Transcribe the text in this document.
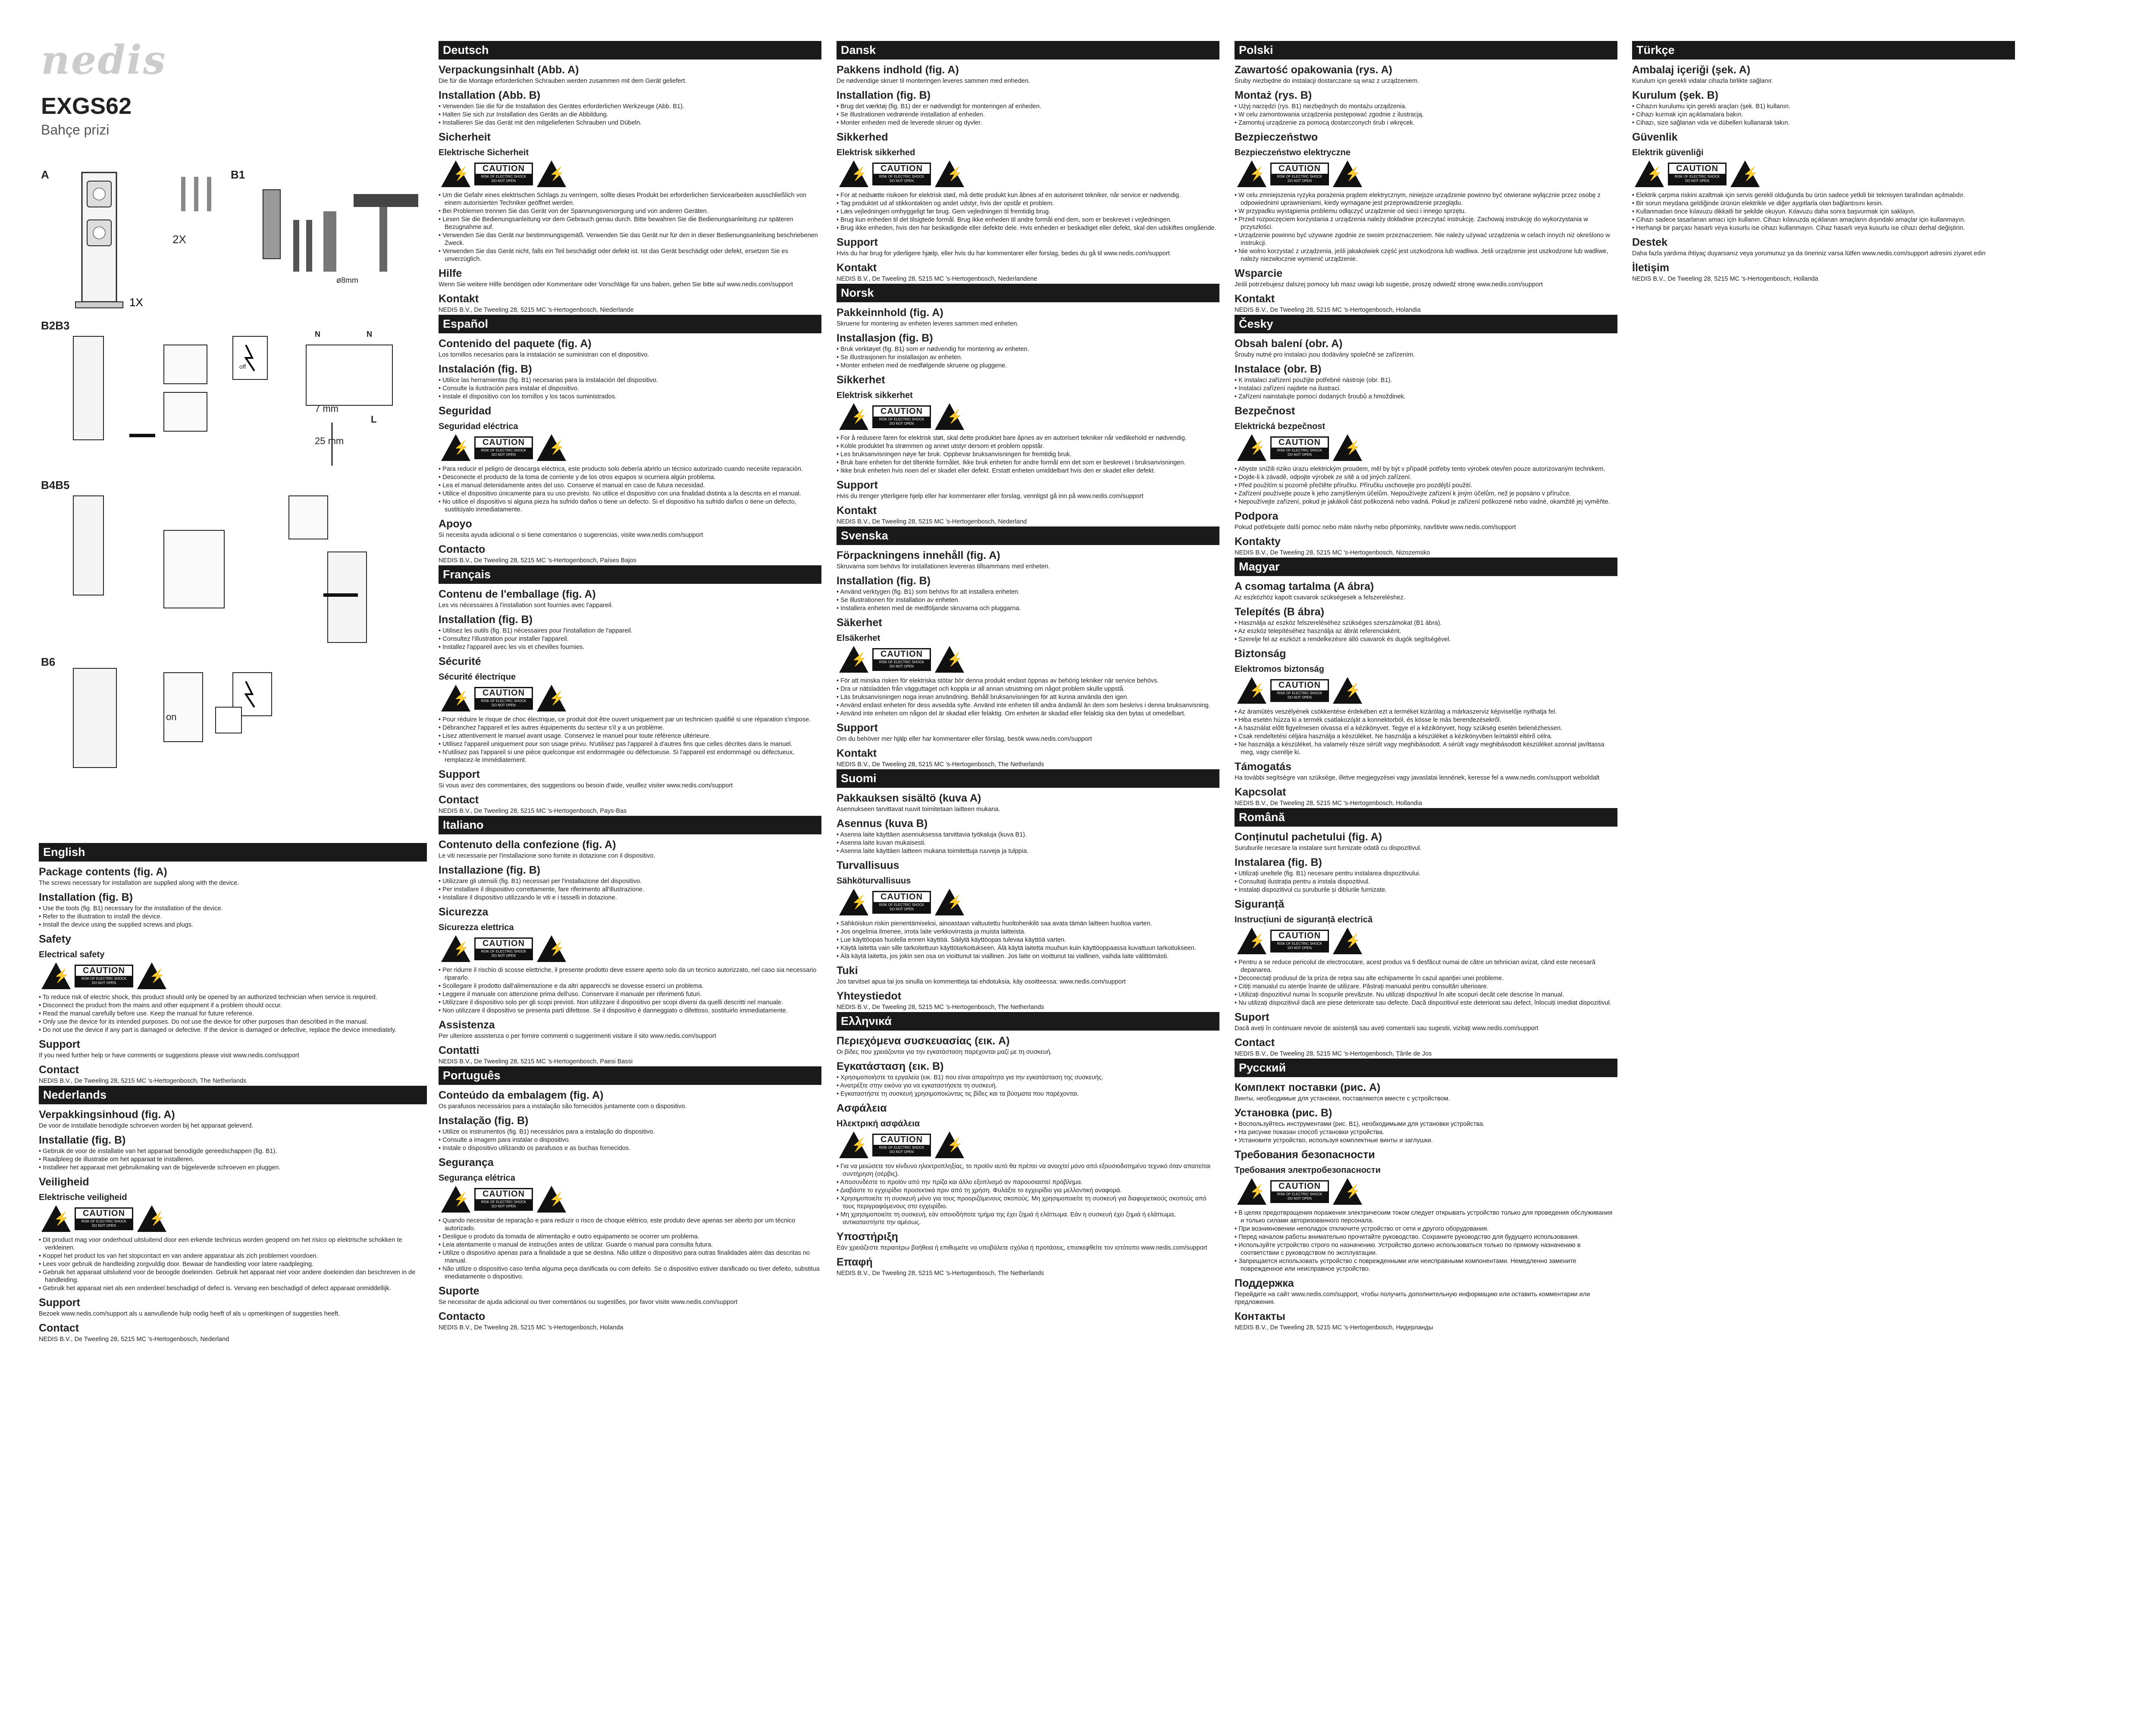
nedis
EXGS62
Bahçe prizi
A	B1
B2B3
B4B5
B6
1X
2X
ø8mm
off
N	N
7 mm
25 mm
L
on
English
Package contents (fig. A)
The screws necessary for installation are supplied along with the device.
Installation (fig. B)
• Use the tools (fig. B1) necessary for the installation of the device.
• Refer to the illustration to install the device.
• Install the device using the supplied screws and plugs.
Safety
Electrical safety
⚡	CAUTION
RISK OF ELECTRIC SHOCK
DO NOT OPEN	⚡
• To reduce risk of electric shock, this product should only be opened by an authorized technician when service is required.
• Disconnect the product from the mains and other equipment if a problem should occur.
• Read the manual carefully before use. Keep the manual for future reference.
• Only use the device for its intended purposes. Do not use the device for other purposes than described in the manual.
• Do not use the device if any part is damaged or defective. If the device is damaged or defective, replace the device immediately.
Support
If you need further help or have comments or suggestions please visit www.nedis.com/support
Contact
NEDIS B.V., De Tweeling 28, 5215 MC 's-Hertogenbosch, The Netherlands
Nederlands
Verpakkingsinhoud (fig. A)
De voor de installatie benodigde schroeven worden bij het apparaat geleverd.
Installatie (fig. B)
• Gebruik de voor de installatie van het apparaat benodigde gereedschappen (fig. B1).
• Raadpleeg de illustratie om het apparaat te installeren.
• Installeer het apparaat met gebruikmaking van de bijgeleverde schroeven en pluggen.
Veiligheid
Elektrische veiligheid
⚡	CAUTION
RISK OF ELECTRIC SHOCK
DO NOT OPEN	⚡
• Dit product mag voor onderhoud uitsluitend door een erkende technicus worden geopend om het risico op elektrische schokken te verkleinen.
• Koppel het product los van het stopcontact en van andere apparatuur als zich problemen voordoen.
• Lees voor gebruik de handleiding zorgvuldig door. Bewaar de handleiding voor latere raadpleging.
• Gebruik het apparaat uitsluitend voor de beoogde doeleinden. Gebruik het apparaat niet voor andere doeleinden dan beschreven in de handleiding.
• Gebruik het apparaat niet als een onderdeel beschadigd of defect is. Vervang een beschadigd of defect apparaat onmiddellijk.
Support
Bezoek www.nedis.com/support als u aanvullende hulp nodig heeft of als u opmerkingen of suggesties heeft.
Contact
NEDIS B.V., De Tweeling 28, 5215 MC 's-Hertogenbosch, Nederland
Deutsch
Verpackungsinhalt (Abb. A)
Die für die Montage erforderlichen Schrauben werden zusammen mit dem Gerät geliefert.
Installation (Abb. B)
• Verwenden Sie die für die Installation des Gerätes erforderlichen Werkzeuge (Abb. B1).
• Halten Sie sich zur Installation des Geräts an die Abbildung.
• Installieren Sie das Gerät mit den mitgelieferten Schrauben und Dübeln.
Sicherheit
Elektrische Sicherheit
⚡	CAUTION
RISK OF ELECTRIC SHOCK
DO NOT OPEN	⚡
• Um die Gefahr eines elektrischen Schlags zu verringern, sollte dieses Produkt bei erforderlichen Servicearbeiten ausschließlich von einem autorisierten Techniker geöffnet werden.
• Bei Problemen trennen Sie das Gerät von der Spannungsversorgung und von anderen Geräten.
• Lesen Sie die Bedienungsanleitung vor dem Gebrauch genau durch. Bitte bewahren Sie die Bedienungsanleitung zur späteren Bezugnahme auf.
• Verwenden Sie das Gerät nur bestimmungsgemäß. Verwenden Sie das Gerät nur für den in dieser Bedienungsanleitung beschriebenen Zweck.
• Verwenden Sie das Gerät nicht, falls ein Teil beschädigt oder defekt ist. Ist das Gerät beschädigt oder defekt, ersetzen Sie es unverzüglich.
Hilfe
Wenn Sie weitere Hilfe benötigen oder Kommentare oder Vorschläge für uns haben, gehen Sie bitte auf www.nedis.com/support
Kontakt
NEDIS B.V., De Tweeling 28, 5215 MC 's-Hertogenbosch, Niederlande
Español
Contenido del paquete (fig. A)
Los tornillos necesarios para la instalación se suministran con el dispositivo.
Instalación (fig. B)
• Utilice las herramientas (fig. B1) necesarias para la instalación del dispositivo.
• Consulte la ilustración para instalar el dispositivo.
• Instale el dispositivo con los tornillos y los tacos suministrados.
Seguridad
Seguridad eléctrica
⚡	CAUTION
RISK OF ELECTRIC SHOCK
DO NOT OPEN	⚡
• Para reducir el peligro de descarga eléctrica, este producto solo debería abrirlo un técnico autorizado cuando necesite reparación.
• Desconecte el producto de la toma de corriente y de los otros equipos si ocurriera algún problema.
• Lea el manual detenidamente antes del uso. Conserve el manual en caso de futura necesidad.
• Utilice el dispositivo únicamente para su uso previsto. No utilice el dispositivo con una finalidad distinta a la descrita en el manual.
• No utilice el dispositivo si alguna pieza ha sufrido daños o tiene un defecto. Si el dispositivo ha sufrido daños o tiene un defecto, sustitúyalo inmediatamente.
Apoyo
Si necesita ayuda adicional o si tiene comentarios o sugerencias, visite www.nedis.com/support
Contacto
NEDIS B.V., De Tweeling 28, 5215 MC 's-Hertogenbosch, Países Bajos
Français
Contenu de l'emballage (fig. A)
Les vis nécessaires à l'installation sont fournies avec l'appareil.
Installation (fig. B)
• Utilisez les outils (fig. B1) nécessaires pour l'installation de l'appareil.
• Consultez l'illustration pour installer l'appareil.
• Installez l'appareil avec les vis et chevilles fournies.
Sécurité
Sécurité électrique
⚡	CAUTION
RISK OF ELECTRIC SHOCK
DO NOT OPEN	⚡
• Pour réduire le risque de choc électrique, ce produit doit être ouvert uniquement par un technicien qualifié si une réparation s'impose.
• Débranchez l'appareil et les autres équipements du secteur s'il y a un problème.
• Lisez attentivement le manuel avant usage. Conservez le manuel pour toute référence ultérieure.
• Utilisez l'appareil uniquement pour son usage prévu. N'utilisez pas l'appareil à d'autres fins que celles décrites dans le manuel.
• N'utilisez pas l'appareil si une pièce quelconque est endommagée ou défectueuse. Si l'appareil est endommagé ou défectueux, remplacez-le immédiatement.
Support
Si vous avez des commentaires, des suggestions ou besoin d'aide, veuillez visiter www.nedis.com/support
Contact
NEDIS B.V., De Tweeling 28, 5215 MC 's-Hertogenbosch, Pays-Bas
Italiano
Contenuto della confezione (fig. A)
Le viti necessarie per l'installazione sono fornite in dotazione con il dispositivo.
Installazione (fig. B)
• Utilizzare gli utensili (fig. B1) necessari per l'installazione del dispositivo.
• Per installare il dispositivo correttamente, fare riferimento all'illustrazione.
• Installare il dispositivo utilizzando le viti e i tasselli in dotazione.
Sicurezza
Sicurezza elettrica
⚡	CAUTION
RISK OF ELECTRIC SHOCK
DO NOT OPEN	⚡
• Per ridurre il rischio di scosse elettriche, il presente prodotto deve essere aperto solo da un tecnico autorizzato, nel caso sia necessario ripararlo.
• Scollegare il prodotto dall'alimentazione e da altri apparecchi se dovesse esserci un problema.
• Leggere il manuale con attenzione prima dell'uso. Conservare il manuale per riferimenti futuri.
• Utilizzare il dispositivo solo per gli scopi previsti. Non utilizzare il dispositivo per scopi diversi da quelli descritti nel manuale.
• Non utilizzare il dispositivo se presenta parti difettose. Se il dispositivo è danneggiato o difettoso, sostituirlo immediatamente.
Assistenza
Per ulteriore assistenza o per fornire commenti o suggerimenti visitare il sito www.nedis.com/support
Contatti
NEDIS B.V., De Tweeling 28, 5215 MC 's-Hertogenbosch, Paesi Bassi
Português
Conteúdo da embalagem (fig. A)
Os parafusos necessários para a instalação são fornecidos juntamente com o dispositivo.
Instalação (fig. B)
• Utilize os instrumentos (fig. B1) necessários para a instalação do dispositivo.
• Consulte a imagem para instalar o dispositivo.
• Instale o dispositivo utilizando os parafusos e as buchas fornecidos.
Segurança
Segurança elétrica
⚡	CAUTION
RISK OF ELECTRIC SHOCK
DO NOT OPEN	⚡
• Quando necessitar de reparação e para reduzir o risco de choque elétrico, este produto deve apenas ser aberto por um técnico autorizado.
• Desligue o produto da tomada de alimentação e outro equipamento se ocorrer um problema.
• Leia atentamente o manual de instruções antes de utilizar. Guarde o manual para consulta futura.
• Utilize o dispositivo apenas para a finalidade a que se destina. Não utilize o dispositivo para outras finalidades além das descritas no manual.
• Não utilize o dispositivo caso tenha alguma peça danificada ou com defeito. Se o dispositivo estiver danificado ou tiver defeito, substitua imediatamente o dispositivo.
Suporte
Se necessitar de ajuda adicional ou tiver comentários ou sugestões, por favor visite www.nedis.com/support
Contacto
NEDIS B.V., De Tweeling 28, 5215 MC 's-Hertogenbosch, Holanda
Dansk
Pakkens indhold (fig. A)
De nødvendige skruer til monteringen leveres sammen med enheden.
Installation (fig. B)
• Brug det værktøj (fig. B1) der er nødvendigt for monteringen af enheden.
• Se illustrationen vedrørende installation af enheden.
• Monter enheden med de leverede skruer og dyvler.
Sikkerhed
Elektrisk sikkerhed
⚡	CAUTION
RISK OF ELECTRIC SHOCK
DO NOT OPEN	⚡
• For at nedsætte risikoen for elektrisk stød, må dette produkt kun åbnes af en autoriseret tekniker, når service er nødvendig.
• Tag produktet ud af stikkontakten og andet udstyr, hvis der opstår et problem.
• Læs vejledningen omhyggeligt før brug. Gem vejledningen til fremtidig brug.
• Brug kun enheden til det tilsigtede formål. Brug ikke enheden til andre formål end dem, som er beskrevet i vejledningen.
• Brug ikke enheden, hvis den har beskadigede eller defekte dele. Hvis enheden er beskadiget eller defekt, skal den udskiftes omgående.
Support
Hvis du har brug for yderligere hjælp, eller hvis du har kommentarer eller forslag, bedes du gå til www.nedis.com/support
Kontakt
NEDIS B.V., De Tweeling 28, 5215 MC 's-Hertogenbosch, Nederlandene
Norsk
Pakkeinnhold (fig. A)
Skruene for montering av enheten leveres sammen med enheten.
Installasjon (fig. B)
• Bruk verktøyet (fig. B1) som er nødvendig for montering av enheten.
• Se illustrasjonen for installasjon av enheten.
• Monter enheten med de medfølgende skruene og pluggene.
Sikkerhet
Elektrisk sikkerhet
⚡	CAUTION
RISK OF ELECTRIC SHOCK
DO NOT OPEN	⚡
• For å redusere faren for elektrisk støt, skal dette produktet bare åpnes av en autorisert tekniker når vedlikehold er nødvendig.
• Koble produktet fra strømmen og annet utstyr dersom et problem oppstår.
• Les bruksanvisningen nøye før bruk. Oppbevar bruksanvisningen for fremtidig bruk.
• Bruk bare enheten for det tiltenkte formålet. Ikke bruk enheten for andre formål enn det som er beskrevet i bruksanvisningen.
• Ikke bruk enheten hvis noen del er skadet eller defekt. Erstatt enheten umiddelbart hvis den er skadet eller defekt.
Support
Hvis du trenger ytterligere hjelp eller har kommentarer eller forslag, vennligst gå inn på www.nedis.com/support
Kontakt
NEDIS B.V., De Tweeling 28, 5215 MC 's-Hertogenbosch, Nederland
Svenska
Förpackningens innehåll (fig. A)
Skruvarna som behövs för installationen levereras tillsammans med enheten.
Installation (fig. B)
• Använd verktygen (fig. B1) som behövs för att installera enheten.
• Se illustrationen för installation av enheten.
• Installera enheten med de medföljande skruvarna och pluggarna.
Säkerhet
Elsäkerhet
⚡	CAUTION
RISK OF ELECTRIC SHOCK
DO NOT OPEN	⚡
• För att minska risken för elektriska stötar bör denna produkt endast öppnas av behörig tekniker när service behövs.
• Dra ur nätsladden från vägguttaget och koppla ur all annan utrustning om något problem skulle uppstå.
• Läs bruksanvisningen noga innan användning. Behåll bruksanvisningen för att kunna använda den igen.
• Använd endast enheten för dess avsedda syfte. Använd inte enheten till andra ändamål än dem som beskrivs i denna bruksanvisning.
• Använd inte enheten om någon del är skadad eller felaktig. Om enheten är skadad eller felaktig ska den bytas ut omedelbart.
Support
Om du behöver mer hjälp eller har kommentarer eller förslag, besök www.nedis.com/support
Kontakt
NEDIS B.V., De Tweeling 28, 5215 MC 's-Hertogenbosch, The Netherlands
Suomi
Pakkauksen sisältö (kuva A)
Asennukseen tarvittavat ruuvit toimitetaan laitteen mukana.
Asennus (kuva B)
• Asenna laite käyttäen asennuksessa tarvittavia työkaluja (kuva B1).
• Asenna laite kuvan mukaisesti.
• Asenna laite käyttäen laitteen mukana toimitettuja ruuveja ja tulppia.
Turvallisuus
Sähköturvallisuus
⚡	CAUTION
RISK OF ELECTRIC SHOCK
DO NOT OPEN	⚡
• Sähköiskun riskin pienentämiseksi, ainoastaan valtuutettu huoltohenkilö saa avata tämän laitteen huoltoa varten.
• Jos ongelmia ilmenee, irrota laite verkkovirrasta ja muista laitteista.
• Lue käyttöopas huolella ennen käyttöä. Säilytä käyttöopas tulevaa käyttöä varten.
• Käytä laitetta vain sille tarkoitettuun käyttötarkoitukseen. Älä käytä laitetta muuhun kuin käyttöoppaassa kuvattuun tarkoitukseen.
• Älä käytä laitetta, jos jokin sen osa on vioittunut tai viallinen. Jos laite on vioittunut tai viallinen, vaihda laite välittömästi.
Tuki
Jos tarvitset apua tai jos sinulla on kommentteja tai ehdotuksia, käy osoitteessa: www.nedis.com/support
Yhteystiedot
NEDIS B.V., De Tweeling 28, 5215 MC 's-Hertogenbosch, The Netherlands
Ελληνικά
Περιεχόμενα συσκευασίας (εικ. A)
Οι βίδες που χρειάζονται για την εγκατάσταση παρέχονται μαζί με τη συσκευή.
Εγκατάσταση (εικ. B)
• Χρησιμοποιήστε τα εργαλεία (εικ. B1) που είναι απαραίτητα για την εγκατάσταση της συσκευής.
• Ανατρέξτε στην εικόνα για να εγκαταστήσετε τη συσκευή.
• Εγκαταστήστε τη συσκευή χρησιμοποιώντας τις βίδες και τα βύσματα που παρέχονται.
Ασφάλεια
Ηλεκτρική ασφάλεια
⚡	CAUTION
RISK OF ELECTRIC SHOCK
DO NOT OPEN	⚡
• Για να μειώσετε τον κίνδυνο ηλεκτροπληξίας, το προϊόν αυτό θα πρέπει να ανοιχτεί μόνο από εξουσιοδοτημένο τεχνικό όταν απαιτείται συντήρηση (σέρβις).
• Αποσυνδέστε το προϊόν από την πρίζα και άλλο εξοπλισμό αν παρουσιαστεί πρόβλημα.
• Διαβάστε το εγχειρίδιο προσεκτικά πριν από τη χρήση. Φυλάξτε το εγχειρίδιο για μελλοντική αναφορά.
• Χρησιμοποιείτε τη συσκευή μόνο για τους προοριζόμενους σκοπούς. Μη χρησιμοποιείτε τη συσκευή για διαφορετικούς σκοπούς από τους περιγραφόμενους στο εγχειρίδιο.
• Μη χρησιμοποιείτε τη συσκευή, εάν οποιοδήποτε τμήμα της έχει ζημιά ή ελάττωμα. Εάν η συσκευή έχει ζημιά ή ελάττωμα, αντικαταστήστε την αμέσως.
Υποστήριξη
Εάν χρειάζεστε περαιτέρω βοήθεια ή επιθυμείτε να υποβάλετε σχόλια ή προτάσεις, επισκεφθείτε τον ιστότοπο www.nedis.com/support
Επαφή
NEDIS B.V., De Tweeling 28, 5215 MC 's-Hertogenbosch, The Netherlands
Polski
Zawartość opakowania (rys. A)
Śruby niezbędne do instalacji dostarczane są wraz z urządzeniem.
Montaż (rys. B)
• Użyj narzędzi (rys. B1) niezbędnych do montażu urządzenia.
• W celu zamontowania urządzenia postępować zgodnie z ilustracją.
• Zamontuj urządzenie za pomocą dostarczonych śrub i wkręcek.
Bezpieczeństwo
Bezpieczeństwo elektryczne
⚡	CAUTION
RISK OF ELECTRIC SHOCK
DO NOT OPEN	⚡
• W celu zmniejszenia ryzyka porażenia prądem elektrycznym, niniejsze urządzenie powinno być otwierane wyłącznie przez osobę z odpowiednimi uprawnieniami, kiedy wymagane jest przeprowadzenie przeglądu.
• W przypadku wystąpienia problemu odłączyć urządzenie od sieci i innego sprzętu.
• Przed rozpoczęciem korzystania z urządzenia należy dokładnie przeczytać instrukcję. Zachowaj instrukcję do wykorzystania w przyszłości.
• Urządzenie powinno być używane zgodnie ze swoim przeznaczeniem. Nie należy używać urządzenia w celach innych niż określono w instrukcji.
• Nie wolno korzystać z urządzenia, jeśli jakakolwiek część jest uszkodzona lub wadliwa. Jeśli urządzenie jest uszkodzone lub wadliwe, należy niezwłocznie wymienić urządzenie.
Wsparcie
Jeśli potrzebujesz dalszej pomocy lub masz uwagi lub sugestie, proszę odwiedź stronę www.nedis.com/support
Kontakt
NEDIS B.V., De Tweeling 28, 5215 MC 's-Hertogenbosch, Holandia
Česky
Obsah balení (obr. A)
Šrouby nutné pro instalaci jsou dodávány společně se zařízením.
Instalace (obr. B)
• K instalaci zařízení použijte potřebné nástroje (obr. B1).
• Instalaci zařízení najdete na ilustraci.
• Zařízení nainstalujte pomocí dodaných šroubů a hmoždinek.
Bezpečnost
Elektrická bezpečnost
⚡	CAUTION
RISK OF ELECTRIC SHOCK
DO NOT OPEN	⚡
• Abyste snížili riziko úrazu elektrickým proudem, měl by být v případě potřeby tento výrobek otevřen pouze autorizovaným technikem.
• Dojde-li k závadě, odpojte výrobek ze sítě a od jiných zařízení.
• Před použitím si pozorně přečtěte příručku. Příručku uschovejte pro pozdější použití.
• Zařízení používejte pouze k jeho zamýšleným účelům. Nepoužívejte zařízení k jiným účelům, než je popsáno v příručce.
• Nepoužívejte zařízení, pokud je jakákoli část poškozená nebo vadná. Pokud je zařízení poškozené nebo vadné, okamžitě jej vyměňte.
Podpora
Pokud potřebujete další pomoc nebo máte návrhy nebo připomínky, navštivte www.nedis.com/support
Kontakty
NEDIS B.V., De Tweeling 28, 5215 MC 's-Hertogenbosch, Nizozemsko
Magyar
A csomag tartalma (A ábra)
Az eszközhöz kapott csavarok szükségesek a felszereléshez.
Telepítés (B ábra)
• Használja az eszköz felszereléséhez szükséges szerszámokat (B1 ábra).
• Az eszköz telepítéséhez használja az ábrát referenciaként.
• Szerelje fel az eszközt a rendelkezésre álló csavarok és dugók segítségével.
Biztonság
Elektromos biztonság
⚡	CAUTION
RISK OF ELECTRIC SHOCK
DO NOT OPEN	⚡
• Az áramütés veszélyének csökkentése érdekében ezt a terméket kizárólag a márkaszerviz képviselője nyithatja fel.
• Hiba esetén húzza ki a termék csatlakozóját a konnektorból, és kösse le más berendezésekről.
• A használat előtt figyelmesen olvassa el a kézikönyvet. Tegye el a kézikönyvet, hogy szükség esetén belenézhessen.
• Csak rendeltetési céljára használja a készüléket. Ne használja a készüléket a kézikönyvben leírtaktól eltérő célra.
• Ne használja a készüléket, ha valamely része sérült vagy meghibásodott. A sérült vagy meghibásodott készüléket azonnal javíttassa meg, vagy cserélje ki.
Támogatás
Ha további segítségre van szüksége, illetve megjegyzései vagy javaslatai lennének, keresse fel a www.nedis.com/support weboldalt
Kapcsolat
NEDIS B.V., De Tweeling 28, 5215 MC 's-Hertogenbosch, Hollandia
Română
Conținutul pachetului (fig. A)
Șuruburile necesare la instalare sunt furnizate odată cu dispozitivul.
Instalarea (fig. B)
• Utilizați uneltele (fig. B1) necesare pentru instalarea dispozitivului.
• Consultați ilustrația pentru a instala dispozitivul.
• Instalați dispozitivul cu șuruburile și diblurile furnizate.
Siguranță
Instrucțiuni de siguranță electrică
⚡	CAUTION
RISK OF ELECTRIC SHOCK
DO NOT OPEN	⚡
• Pentru a se reduce pericolul de electrocutare, acest produs va fi desfăcut numai de către un tehnician avizat, când este necesară depanarea.
• Deconectați produsul de la priza de rețea sau alte echipamente în cazul apariției unei probleme.
• Citiți manualul cu atenție înainte de utilizare. Păstrați manualul pentru consultări ulterioare.
• Utilizați dispozitivul numai în scopurile prevăzute. Nu utilizați dispozitivul în alte scopuri decât cele descrise în manual.
• Nu utilizați dispozitivul dacă are piese deteriorate sau defecte. Dacă dispozitivul este deteriorat sau defect, înlocuiți imediat dispozitivul.
Suport
Dacă aveți în continuare nevoie de asistență sau aveți comentarii sau sugestii, vizitați www.nedis.com/support
Contact
NEDIS B.V., De Tweeling 28, 5215 MC 's-Hertogenbosch, Țările de Jos
Русский
Комплект поставки (рис. A)
Винты, необходимые для установки, поставляются вместе с устройством.
Установка (рис. B)
• Воспользуйтесь инструментами (рис. B1), необходимыми для установки устройства.
• На рисунке показан способ установки устройства.
• Установите устройство, используя комплектные винты и заглушки.
Требования безопасности
Требования электробезопасности
⚡	CAUTION
RISK OF ELECTRIC SHOCK
DO NOT OPEN	⚡
• В целях предотвращения поражения электрическим током следует открывать устройство только для проведения обслуживания и только силами авторизованного персонала.
• При возникновении неполадок отключите устройство от сети и другого оборудования.
• Перед началом работы внимательно прочитайте руководство. Сохраните руководство для будущего использования.
• Используйте устройство строго по назначению. Устройство должно использоваться только по прямому назначению в соответствии с руководством по эксплуатации.
• Запрещается использовать устройство с поврежденными или неисправными компонентами. Немедленно замените поврежденное или неисправное устройство.
Поддержка
Перейдите на сайт www.nedis.com/support, чтобы получить дополнительную информацию или оставить комментарии или предложения.
Контакты
NEDIS B.V., De Tweeling 28, 5215 MC 's-Hertogenbosch, Нидерланды
Türkçe
Ambalaj içeriği (şek. A)
Kurulum için gerekli vidalar cihazla birlikte sağlanır.
Kurulum (şek. B)
• Cihazın kurulumu için gerekli araçları (şek. B1) kullanın.
• Cihazı kurmak için açıklamalara bakın.
• Cihazı, size sağlanan vida ve dübelleri kullanarak takın.
Güvenlik
Elektrik güvenliği
⚡	CAUTION
RISK OF ELECTRIC SHOCK
DO NOT OPEN	⚡
• Elektrik çarpma riskini azaltmak için servis gerekli olduğunda bu ürün sadece yetkili bir teknisyen tarafından açılmalıdır.
• Bir sorun meydana geldiğinde ürünün elektrikle ve diğer aygıtlarla olan bağlantısını kesin.
• Kullanmadan önce kılavuzu dikkatli bir şekilde okuyun. Kılavuzu daha sonra başvurmak için saklayın.
• Cihazı sadece tasarlanan amacı için kullanın. Cihazı kılavuzda açıklanan amaçların dışındaki amaçlar için kullanmayın.
• Herhangi bir parçası hasarlı veya kusurlu ise cihazı kullanmayın. Cihaz hasarlı veya kusurlu ise cihazı derhal değiştirin.
Destek
Daha fazla yardıma ihtiyaç duyarsanız veya yorumunuz ya da öneriniz varsa lütfen www.nedis.com/support adresini ziyaret edin
İletişim
NEDIS B.V., De Tweeling 28, 5215 MC 's-Hertogenbosch, Hollanda
